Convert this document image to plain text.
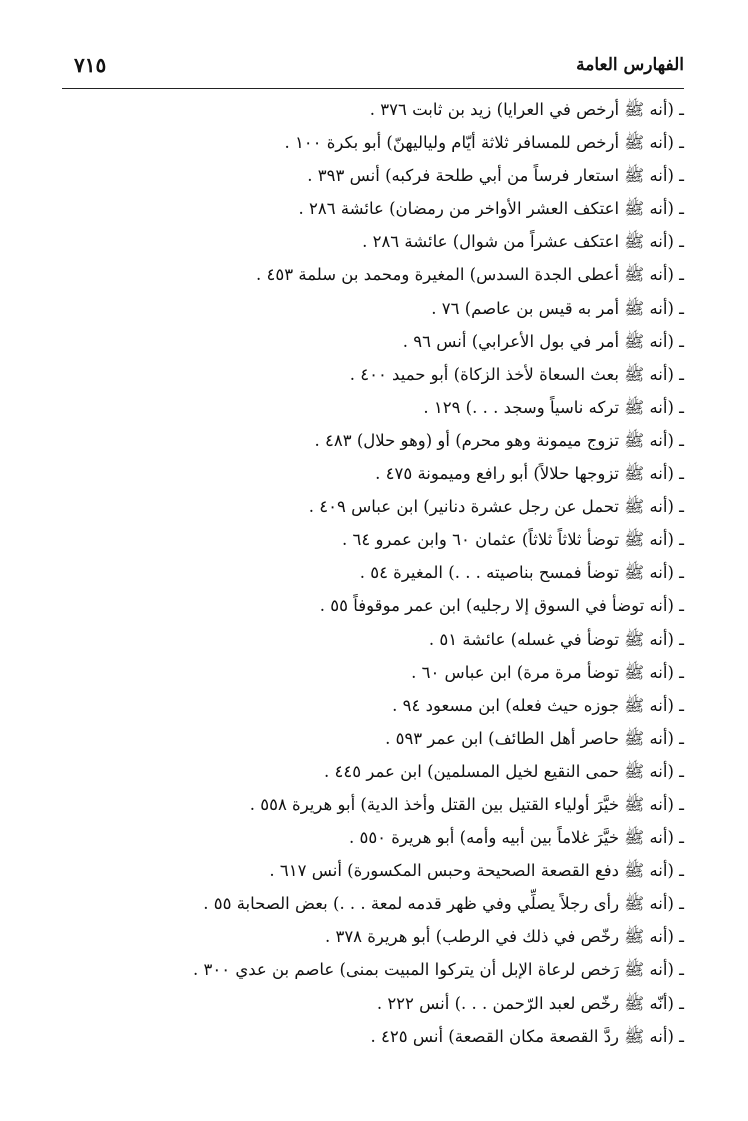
الفهارس العامة
٧١٥
ـ (أنه ﷺ أرخص في العرايا) زيد بن ثابت ٣٧٦ .
ـ (أنه ﷺ أرخص للمسافر ثلاثة أيّام ولياليهنّ) أبو بكرة ١٠٠ .
ـ (أنه ﷺ استعار فرساً من أبي طلحة فركبه) أنس ٣٩٣ .
ـ (أنه ﷺ اعتكف العشر الأواخر من رمضان) عائشة ٢٨٦ .
ـ (أنه ﷺ اعتكف عشراً من شوال) عائشة ٢٨٦ .
ـ (أنه ﷺ أعطى الجدة السدس) المغيرة ومحمد بن سلمة ٤٥٣ .
ـ (أنه ﷺ أمر به قيس بن عاصم) ٧٦ .
ـ (أنه ﷺ أمر في بول الأعرابي) أنس ٩٦ .
ـ (أنه ﷺ بعث السعاة لأخذ الزكاة) أبو حميد ٤٠٠ .
ـ (أنه ﷺ تركه ناسياً وسجد . . .) ١٢٩ .
ـ (أنه ﷺ تزوج ميمونة وهو محرم) أو (وهو حلال) ٤٨٣ .
ـ (أنه ﷺ تزوجها حلالاً) أبو رافع وميمونة ٤٧٥ .
ـ (أنه ﷺ تحمل عن رجل عشرة دنانير) ابن عباس ٤٠٩ .
ـ (أنه ﷺ توضأ ثلاثاً ثلاثاً) عثمان ٦٠ وابن عمرو ٦٤ .
ـ (أنه ﷺ توضأ فمسح بناصيته . . .) المغيرة ٥٤ .
ـ (أنه توضأ في السوق إلا رجليه) ابن عمر موقوفاً ٥٥ .
ـ (أنه ﷺ توضأ في غسله) عائشة ٥١ .
ـ (أنه ﷺ توضأ مرة مرة) ابن عباس ٦٠ .
ـ (أنه ﷺ جوزه حيث فعله) ابن مسعود ٩٤ .
ـ (أنه ﷺ حاصر أهل الطائف) ابن عمر ٥٩٣ .
ـ (أنه ﷺ حمى النقيع لخيل المسلمين) ابن عمر ٤٤٥ .
ـ (أنه ﷺ خيَّرَ أولياء القتيل بين القتل وأخذ الدية) أبو هريرة ٥٥٨ .
ـ (أنه ﷺ خيَّرَ غلاماً بين أبيه وأمه) أبو هريرة ٥٥٠ .
ـ (أنه ﷺ دفع القصعة الصحيحة وحبس المكسورة) أنس ٦١٧ .
ـ (أنه ﷺ رأى رجلاً يصلِّي وفي ظهر قدمه لمعة . . .) بعض الصحابة ٥٥ .
ـ (أنه ﷺ رخّص في ذلك في الرطب) أبو هريرة ٣٧٨ .
ـ (أنه ﷺ رَخص لرعاة الإبل أن يتركوا المبيت بمنى) عاصم بن عدي ٣٠٠ .
ـ (أنّه ﷺ رخّص لعبد الرّحمن . . .) أنس ٢٢٢ .
ـ (أنه ﷺ ردَّ القصعة مكان القصعة) أنس ٤٢٥ .
